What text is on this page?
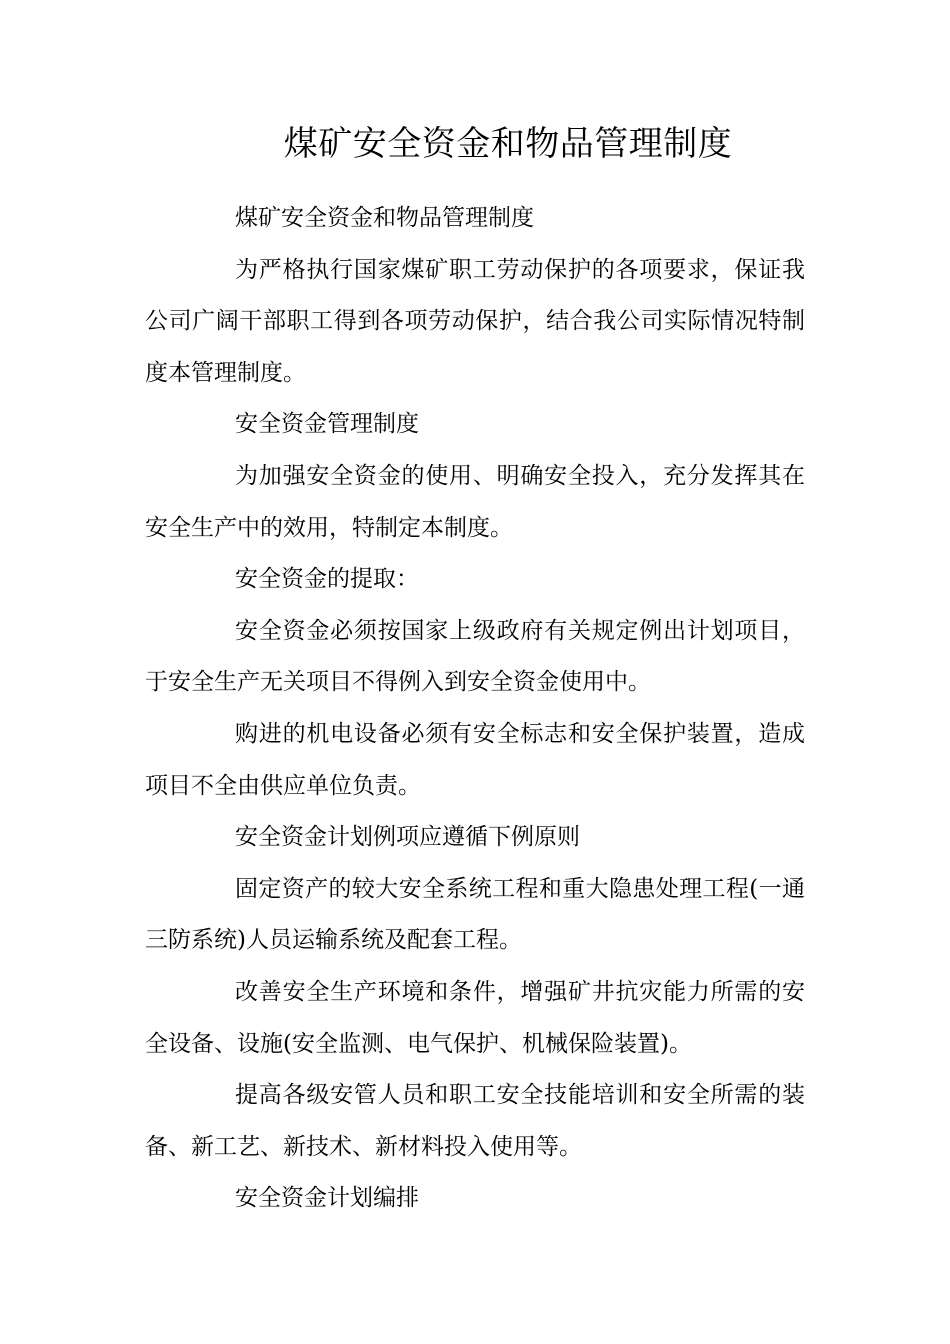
煤矿安全资金和物品管理制度

煤矿安全资金和物品管理制度

为严格执行国家煤矿职工劳动保护的各项要求，保证我公司广阔干部职工得到各项劳动保护，结合我公司实际情况特制度本管理制度。

安全资金管理制度

为加强安全资金的使用、明确安全投入，充分发挥其在安全生产中的效用，特制定本制度。

安全资金的提取：

安全资金必须按国家上级政府有关规定例出计划项目，于安全生产无关项目不得例入到安全资金使用中。

购进的机电设备必须有安全标志和安全保护装置，造成项目不全由供应单位负责。

安全资金计划例项应遵循下例原则

固定资产的较大安全系统工程和重大隐患处理工程(一通三防系统)人员运输系统及配套工程。

改善安全生产环境和条件，增强矿井抗灾能力所需的安全设备、设施(安全监测、电气保护、机械保险装置)。

提高各级安管人员和职工安全技能培训和安全所需的装备、新工艺、新技术、新材料投入使用等。

安全资金计划编排
